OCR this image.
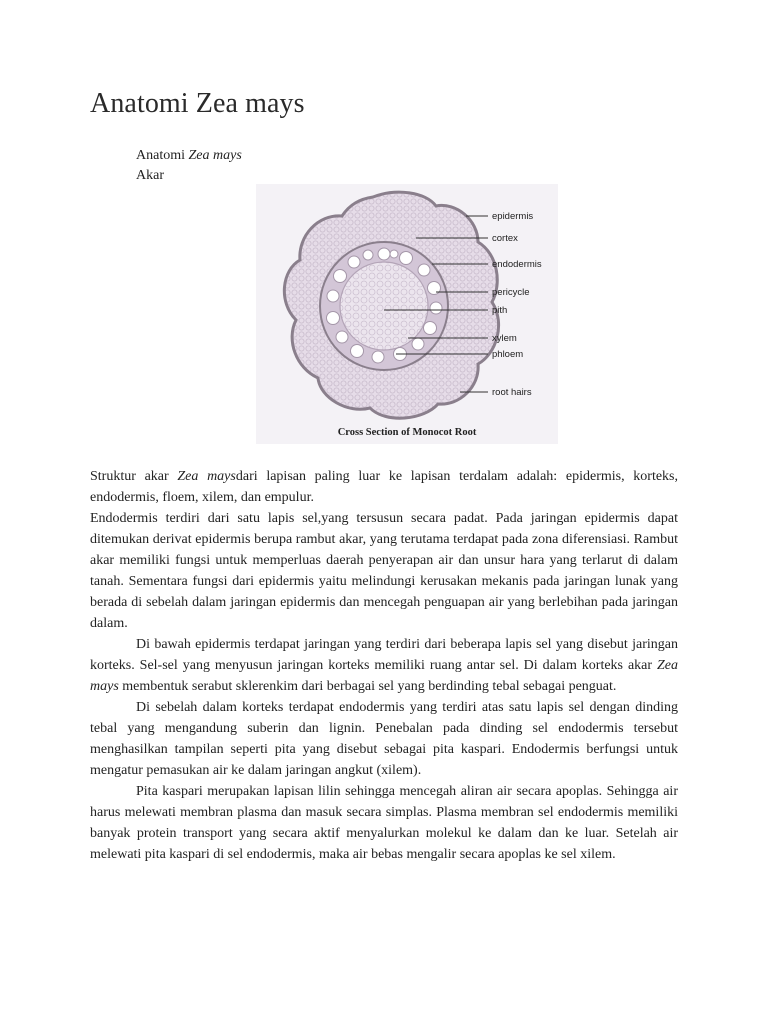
Anatomi Zea mays
Anatomi Zea mays
Akar
epidermis
cortex
endodermis
pericycle
pith
xylem
phloem
root hairs
Cross Section of Monocot Root

Struktur akar Zea maysdari lapisan paling luar ke lapisan terdalam adalah: epidermis, korteks, endodermis, floem, xilem, dan empulur.

Endodermis terdiri dari satu lapis sel,yang tersusun secara padat. Pada jaringan epidermis dapat ditemukan derivat epidermis berupa rambut akar, yang terutama terdapat pada zona diferensiasi. Rambut akar memiliki fungsi untuk memperluas daerah penyerapan air dan unsur hara yang terlarut di dalam tanah. Sementara fungsi dari epidermis yaitu melindungi kerusakan mekanis pada jaringan lunak yang berada di sebelah dalam jaringan epidermis dan mencegah penguapan air yang berlebihan pada jaringan dalam.

Di bawah epidermis terdapat jaringan yang terdiri dari beberapa lapis sel yang disebut jaringan korteks. Sel-sel yang menyusun jaringan korteks memiliki ruang antar sel. Di dalam korteks akar Zea mays membentuk serabut sklerenkim dari berbagai sel yang berdinding tebal sebagai penguat.

Di sebelah dalam korteks terdapat endodermis yang terdiri atas satu lapis sel dengan dinding tebal yang mengandung suberin dan lignin. Penebalan pada dinding sel endodermis tersebut menghasilkan tampilan seperti pita yang disebut sebagai pita kaspari. Endodermis berfungsi untuk mengatur pemasukan air ke dalam jaringan angkut (xilem).

Pita kaspari merupakan lapisan lilin sehingga mencegah aliran air secara apoplas. Sehingga air harus melewati membran plasma dan masuk secara simplas. Plasma membran sel endodermis memiliki banyak protein transport yang secara aktif menyalurkan molekul ke dalam dan ke luar. Setelah air melewati pita kaspari di sel endodermis, maka air bebas mengalir secara apoplas ke sel xilem.
